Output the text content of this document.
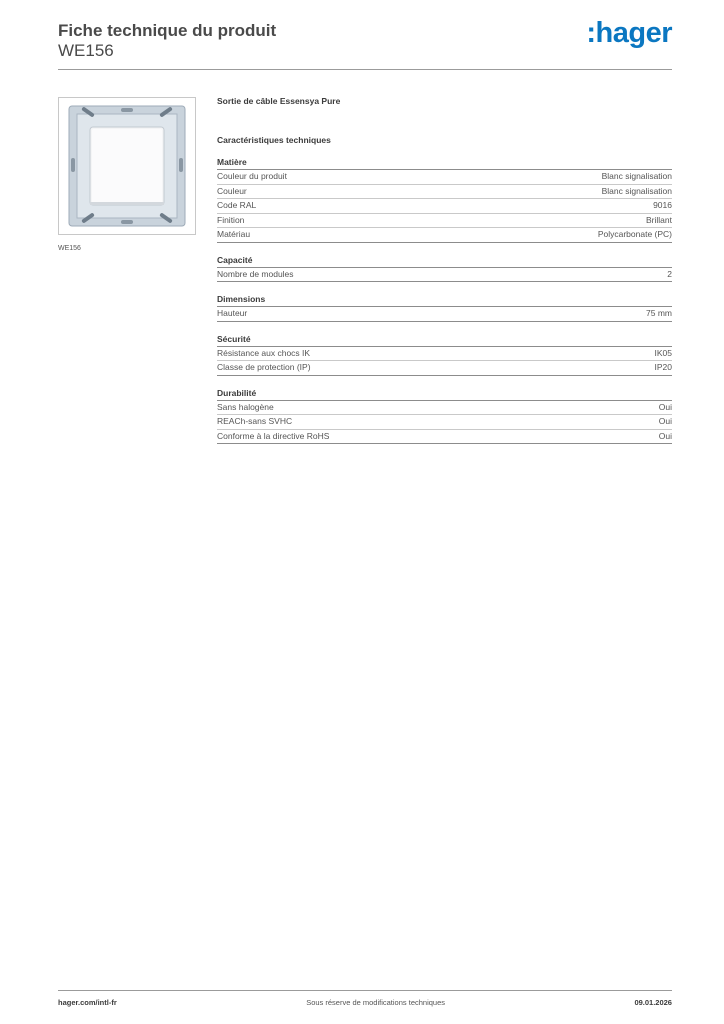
Fiche technique du produit
WE156
:hager
WE156
Sortie de câble Essensya Pure
Caractéristiques techniques
Matière
Couleur du produit	Blanc signalisation
Couleur	Blanc signalisation
Code RAL	9016
Finition	Brillant
Matériau	Polycarbonate (PC)
Capacité
Nombre de modules	2
Dimensions
Hauteur	75 mm
Sécurité
Résistance aux chocs IK	IK05
Classe de protection (IP)	IP20
Durabilité
Sans halogène	Oui
REACh-sans SVHC	Oui
Conforme à la directive RoHS	Oui
hager.com/intl-fr	Sous réserve de modifications techniques	09.01.2026
